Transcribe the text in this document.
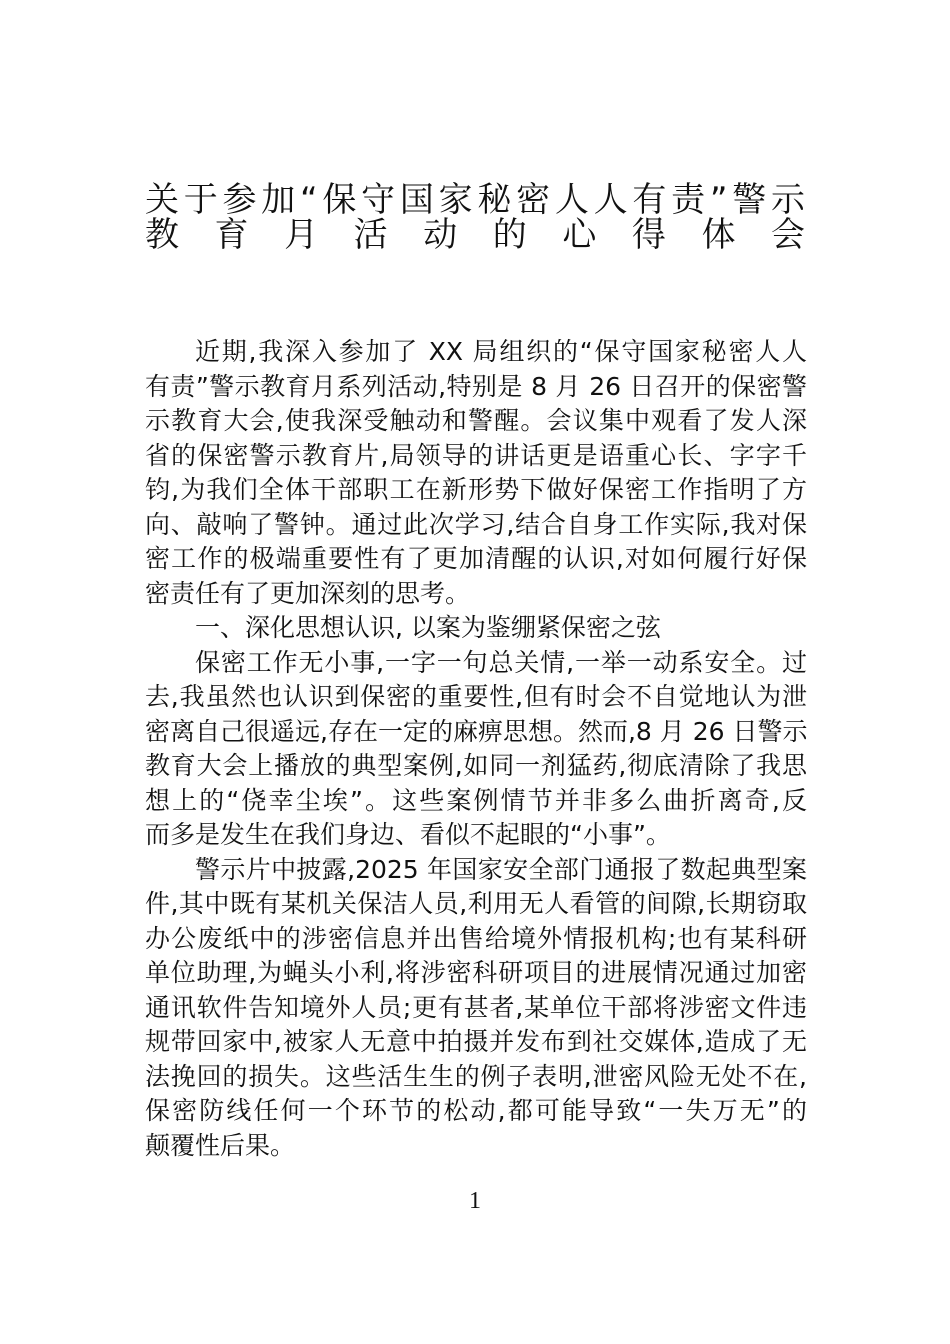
关于参加“保守国家秘密人人有责”警示
教育月活动的心得体会
近期,我深入参加了 XX 局组织的“保守国家秘密人人
有责”警示教育月系列活动,特别是 8 月 26 日召开的保密警
示教育大会,使我深受触动和警醒。会议集中观看了发人深
省的保密警示教育片,局领导的讲话更是语重心长、字字千
钧,为我们全体干部职工在新形势下做好保密工作指明了方
向、敲响了警钟。通过此次学习,结合自身工作实际,我对保
密工作的极端重要性有了更加清醒的认识,对如何履行好保
密责任有了更加深刻的思考。
一、深化思想认识, 以案为鉴绷紧保密之弦
保密工作无小事,一字一句总关情,一举一动系安全。过
去,我虽然也认识到保密的重要性,但有时会不自觉地认为泄
密离自己很遥远,存在一定的麻痹思想。然而,8 月 26 日警示
教育大会上播放的典型案例,如同一剂猛药,彻底清除了我思
想上的“侥幸尘埃”。这些案例情节并非多么曲折离奇,反
而多是发生在我们身边、看似不起眼的“小事”。
警示片中披露,2025 年国家安全部门通报了数起典型案
件,其中既有某机关保洁人员,利用无人看管的间隙,长期窃取
办公废纸中的涉密信息并出售给境外情报机构;也有某科研
单位助理,为蝇头小利,将涉密科研项目的进展情况通过加密
通讯软件告知境外人员;更有甚者,某单位干部将涉密文件违
规带回家中,被家人无意中拍摄并发布到社交媒体,造成了无
法挽回的损失。这些活生生的例子表明,泄密风险无处不在,
保密防线任何一个环节的松动,都可能导致“一失万无”的
颠覆性后果。
1
